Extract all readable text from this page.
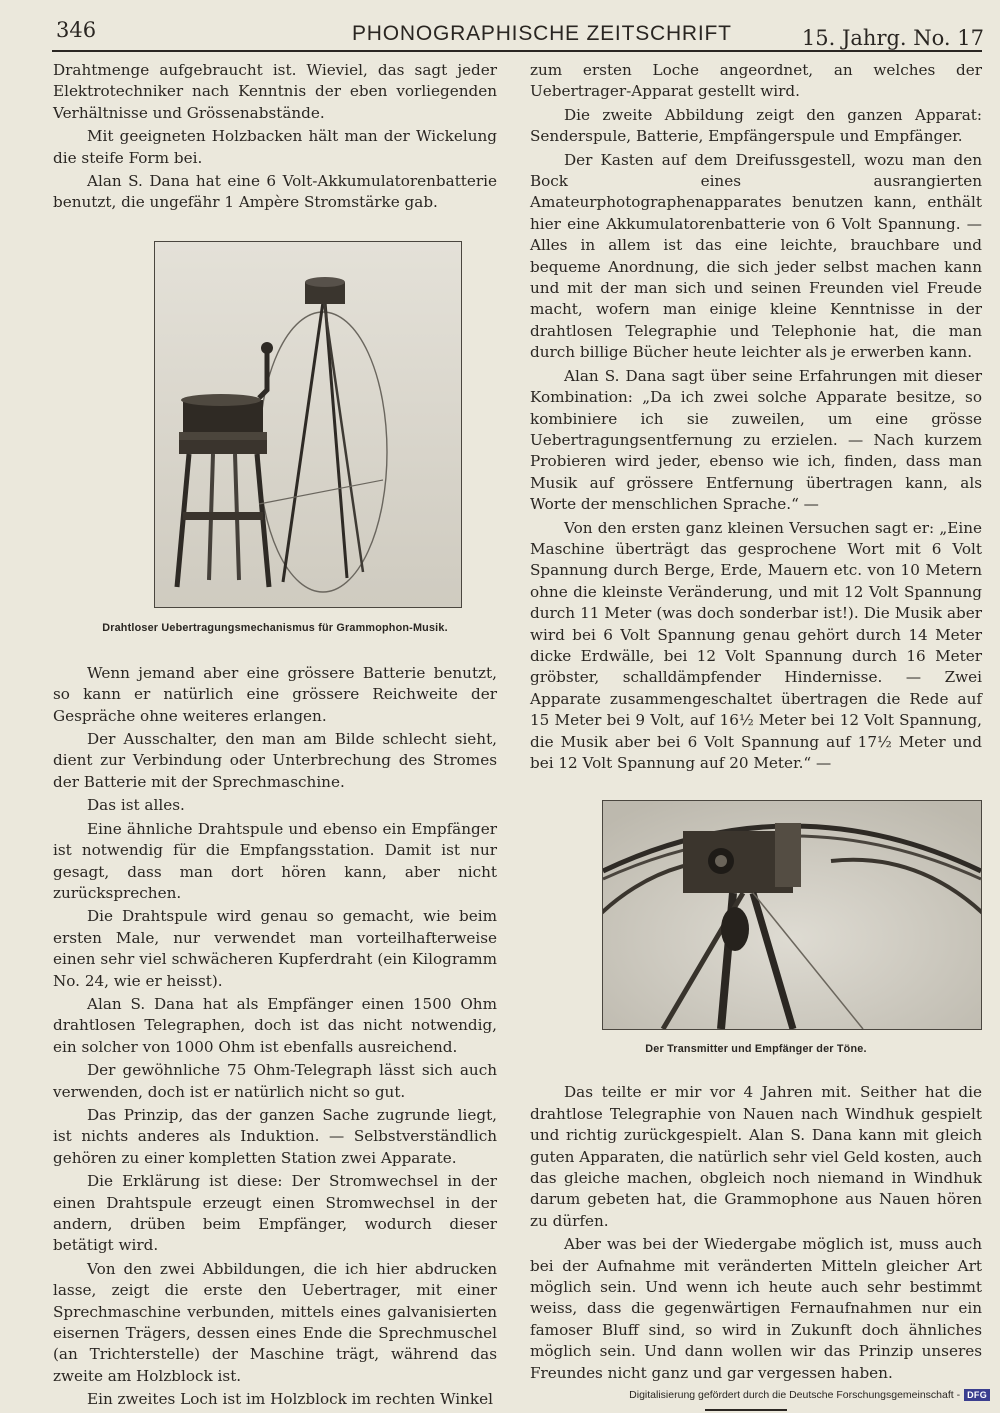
346	PHONOGRAPHISCHE ZEITSCHRIFT	15. Jahrg. No. 17

Drahtmenge aufgebraucht ist. Wieviel, das sagt jeder Elektrotechniker nach Kenntnis der eben vorliegenden Verhältnisse und Grössenabstände.

Mit geeigneten Holzbacken hält man der Wickelung die steife Form bei.

Alan S. Dana hat eine 6 Volt-Akkumulatorenbatterie benutzt, die ungefähr 1 Ampère Stromstärke gab.

Drahtloser Uebertragungsmechanismus für Grammophon-Musik.

Wenn jemand aber eine grössere Batterie benutzt, so kann er natürlich eine grössere Reichweite der Gespräche ohne weiteres erlangen.

Der Ausschalter, den man am Bilde schlecht sieht, dient zur Verbindung oder Unterbrechung des Stromes der Batterie mit der Sprechmaschine.

Das ist alles.

Eine ähnliche Drahtspule und ebenso ein Empfänger ist notwendig für die Empfangsstation. Damit ist nur gesagt, dass man dort hören kann, aber nicht zurücksprechen.

Die Drahtspule wird genau so gemacht, wie beim ersten Male, nur verwendet man vorteilhafterweise einen sehr viel schwächeren Kupferdraht (ein Kilogramm No. 24, wie er heisst).

Alan S. Dana hat als Empfänger einen 1500 Ohm drahtlosen Telegraphen, doch ist das nicht notwendig, ein solcher von 1000 Ohm ist ebenfalls ausreichend.

Der gewöhnliche 75 Ohm-Telegraph lässt sich auch verwenden, doch ist er natürlich nicht so gut.

Das Prinzip, das der ganzen Sache zugrunde liegt, ist nichts anderes als Induktion. — Selbstverständlich gehören zu einer kompletten Station zwei Apparate.

Die Erklärung ist diese: Der Stromwechsel in der einen Drahtspule erzeugt einen Stromwechsel in der andern, drüben beim Empfänger, wodurch dieser betätigt wird.

Von den zwei Abbildungen, die ich hier abdrucken lasse, zeigt die erste den Uebertrager, mit einer Sprechmaschine verbunden, mittels eines galvanisierten eisernen Trägers, dessen eines Ende die Sprechmuschel (an Trichterstelle) der Maschine trägt, während das zweite am Holzblock ist.

Ein zweites Loch ist im Holzblock im rechten Winkel

zum ersten Loche angeordnet, an welches der Uebertrager-Apparat gestellt wird.

Die zweite Abbildung zeigt den ganzen Apparat: Senderspule, Batterie, Empfängerspule und Empfänger.

Der Kasten auf dem Dreifussgestell, wozu man den Bock eines ausrangierten Amateurphotographenapparates benutzen kann, enthält hier eine Akkumulatorenbatterie von 6 Volt Spannung. — Alles in allem ist das eine leichte, brauchbare und bequeme Anordnung, die sich jeder selbst machen kann und mit der man sich und seinen Freunden viel Freude macht, wofern man einige kleine Kenntnisse in der drahtlosen Telegraphie und Telephonie hat, die man durch billige Bücher heute leichter als je erwerben kann.

Alan S. Dana sagt über seine Erfahrungen mit dieser Kombination: „Da ich zwei solche Apparate besitze, so kombiniere ich sie zuweilen, um eine grösse Uebertragungsentfernung zu erzielen. — Nach kurzem Probieren wird jeder, ebenso wie ich, finden, dass man Musik auf grössere Entfernung übertragen kann, als Worte der menschlichen Sprache.“ —

Von den ersten ganz kleinen Versuchen sagt er: „Eine Maschine überträgt das gesprochene Wort mit 6 Volt Spannung durch Berge, Erde, Mauern etc. von 10 Metern ohne die kleinste Veränderung, und mit 12 Volt Spannung durch 11 Meter (was doch sonderbar ist!). Die Musik aber wird bei 6 Volt Spannung genau gehört durch 14 Meter dicke Erdwälle, bei 12 Volt Spannung durch 16 Meter gröbster, schalldämpfender Hindernisse. — Zwei Apparate zusammengeschaltet übertragen die Rede auf 15 Meter bei 9 Volt, auf 16½ Meter bei 12 Volt Spannung, die Musik aber bei 6 Volt Spannung auf 17½ Meter und bei 12 Volt Spannung auf 20 Meter.“ —

Der Transmitter und Empfänger der Töne.

Das teilte er mir vor 4 Jahren mit. Seither hat die drahtlose Telegraphie von Nauen nach Windhuk gespielt und richtig zurückgespielt. Alan S. Dana kann mit gleich guten Apparaten, die natürlich sehr viel Geld kosten, auch das gleiche machen, obgleich noch niemand in Windhuk darum gebeten hat, die Grammophone aus Nauen hören zu dürfen.

Aber was bei der Wiedergabe möglich ist, muss auch bei der Aufnahme mit veränderten Mitteln gleicher Art möglich sein. Und wenn ich heute auch sehr bestimmt weiss, dass die gegenwärtigen Fernaufnahmen nur ein famoser Bluff sind, so wird in Zukunft doch ähnliches möglich sein. Und dann wollen wir das Prinzip unseres Freundes nicht ganz und gar vergessen haben.

Digitalisierung gefördert durch die Deutsche Forschungsgemeinschaft - DFG
